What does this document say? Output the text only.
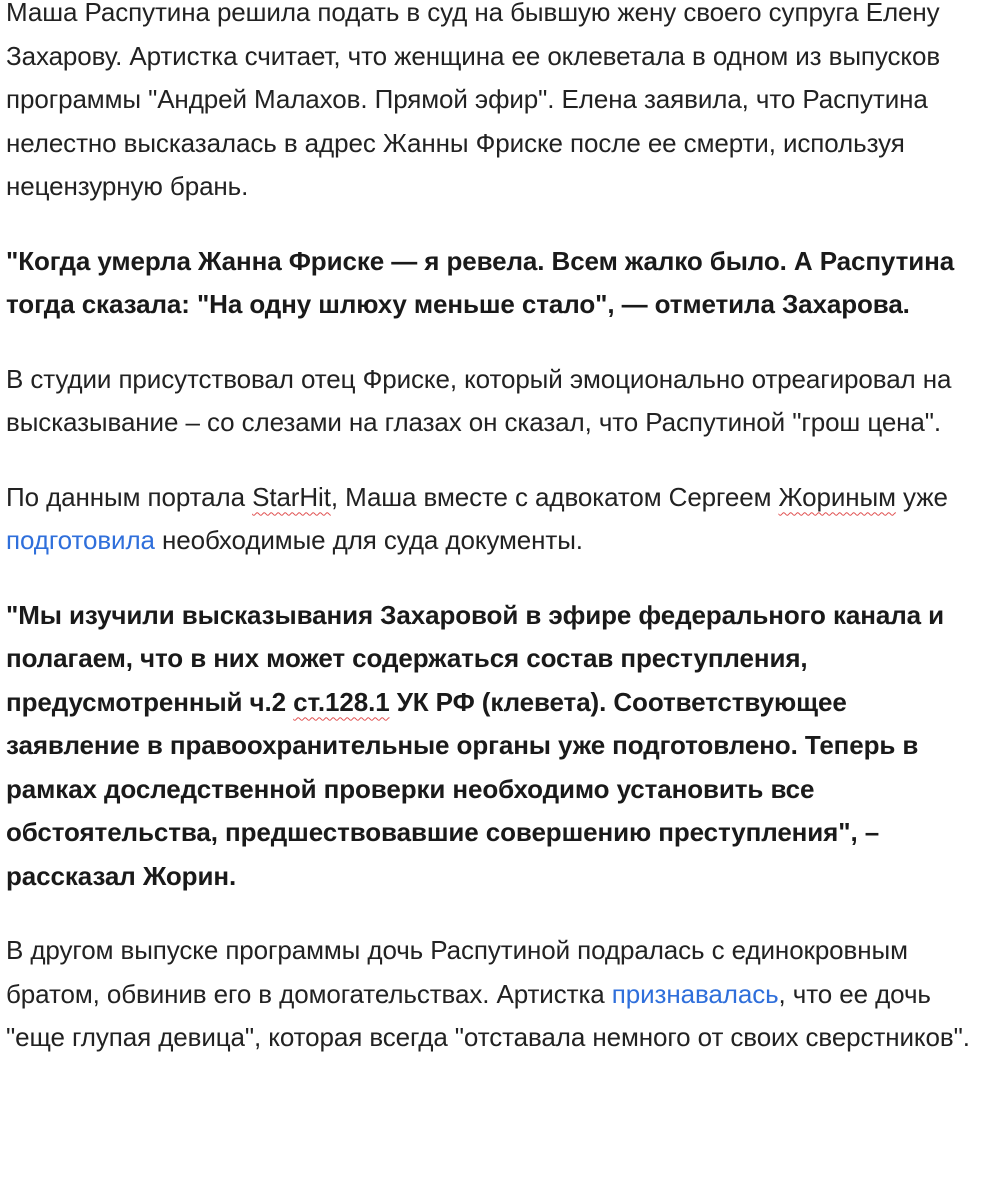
Маша Распутина решила подать в суд на бывшую жену своего супруга Елену Захарову. Артистка считает, что женщина ее оклеветала в одном из выпусков программы "Андрей Малахов. Прямой эфир". Елена заявила, что Распутина нелестно высказалась в адрес Жанны Фриске после ее смерти, используя нецензурную брань.

"Когда умерла Жанна Фриске — я ревела. Всем жалко было. А Распутина тогда сказала: "На одну шлюху меньше стало", — отметила Захарова.

В студии присутствовал отец Фриске, который эмоционально отреагировал на высказывание – со слезами на глазах он сказал, что Распутиной "грош цена".

По данным портала StarHit, Маша вместе с адвокатом Сергеем Жориным уже подготовила необходимые для суда документы.

"Мы изучили высказывания Захаровой в эфире федерального канала и полагаем, что в них может содержаться состав преступления, предусмотренный ч.2 ст.128.1 УК РФ (клевета). Соответствующее заявление в правоохранительные органы уже подготовлено. Теперь в рамках доследственной проверки необходимо установить все обстоятельства, предшествовавшие совершению преступления", – рассказал Жорин.

В другом выпуске программы дочь Распутиной подралась с единокровным братом, обвинив его в домогательствах. Артистка признавалась, что ее дочь "еще глупая девица", которая всегда "отставала немного от своих сверстников".
